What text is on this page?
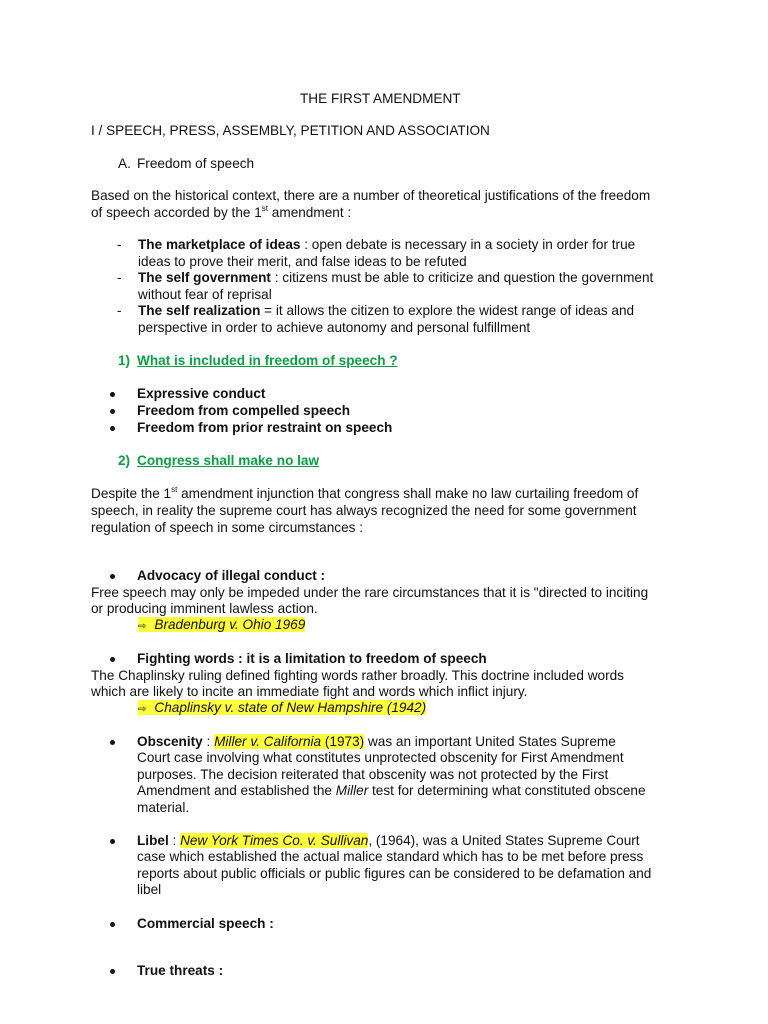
THE FIRST AMENDMENT
I / SPEECH, PRESS, ASSEMBLY, PETITION AND ASSOCIATION
A. Freedom of speech
Based on the historical context, there are a number of theoretical justifications of the freedom
of speech accorded by the 1st amendment :
- The marketplace of ideas : open debate is necessary in a society in order for true
ideas to prove their merit, and false ideas to be refuted
- The self government : citizens must be able to criticize and question the government
without fear of reprisal
- The self realization = it allows the citizen to explore the widest range of ideas and
perspective in order to achieve autonomy and personal fulfillment
1) What is included in freedom of speech ?
Expressive conduct
Freedom from compelled speech
Freedom from prior restraint on speech
2) Congress shall make no law
Despite the 1st amendment injunction that congress shall make no law curtailing freedom of
speech, in reality the supreme court has always recognized the need for some government
regulation of speech in some circumstances :
Advocacy of illegal conduct :
Free speech may only be impeded under the rare circumstances that it is "directed to inciting
or producing imminent lawless action.
⇨ Bradenburg v. Ohio 1969
Fighting words : it is a limitation to freedom of speech
The Chaplinsky ruling defined fighting words rather broadly. This doctrine included words
which are likely to incite an immediate fight and words which inflict injury.
⇨ Chaplinsky v. state of New Hampshire (1942)
Obscenity : Miller v. California (1973) was an important United States Supreme
Court case involving what constitutes unprotected obscenity for First Amendment
purposes. The decision reiterated that obscenity was not protected by the First
Amendment and established the Miller test for determining what constituted obscene
material.
Libel : New York Times Co. v. Sullivan, (1964), was a United States Supreme Court
case which established the actual malice standard which has to be met before press
reports about public officials or public figures can be considered to be defamation and
libel
Commercial speech :
True threats :
